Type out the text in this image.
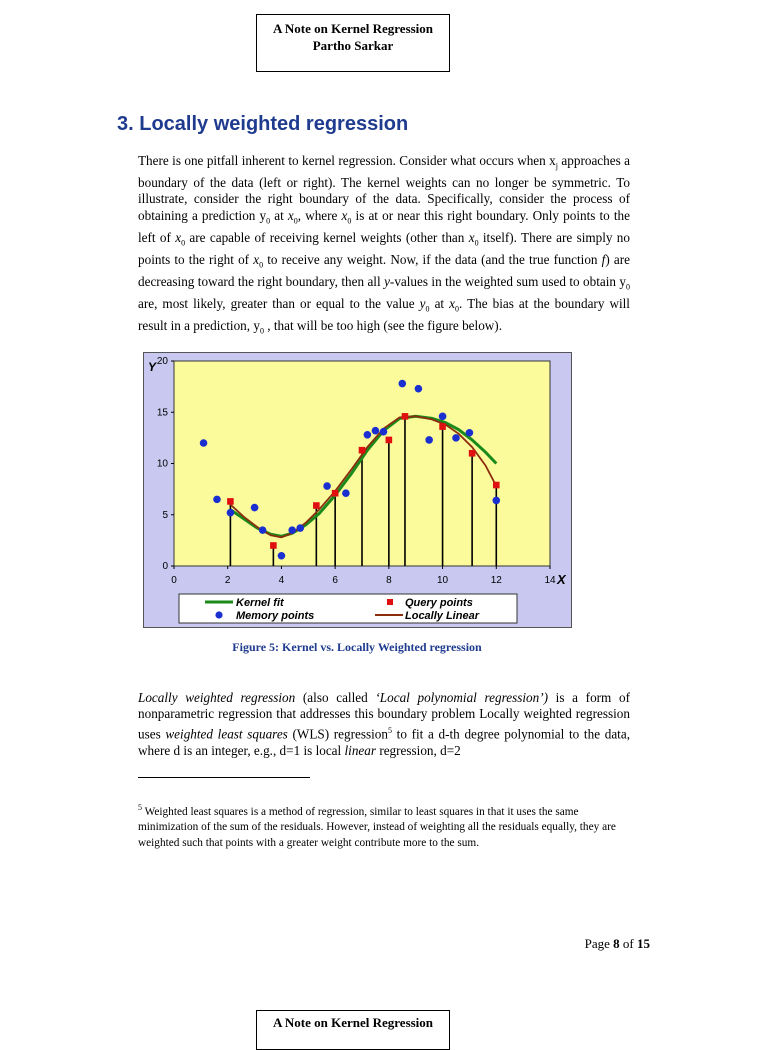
A Note on Kernel Regression
Partho Sarkar
3. Locally weighted regression

There is one pitfall inherent to kernel regression. Consider what occurs when $x_j$ approaches a boundary of the data (left or right). The kernel weights can no longer be symmetric. To illustrate, consider the right boundary of the data. Specifically, consider the process of obtaining a prediction $y_0$ at $x_0$, where $x_0$ is at or near this right boundary. Only points to the left of $x_0$ are capable of receiving kernel weights (other than $x_0$ itself). There are simply no points to the right of $x_0$ to receive any weight. Now, if the data (and the true function f) are decreasing toward the right boundary, then all y-values in the weighted sum used to obtain $y_0$ are, most likely, greater than or equal to the value $y_0$ at $x_0$. The bias at the boundary will result in a prediction, $y_0$ , that will be too high (see the figure below).

0	2	4	6	8	10	12	14
0
5
10
15
20
Y
X
Kernel fit
Memory points
Query points
Locally Linear
Figure 5: Kernel vs. Locally Weighted regression

Locally weighted regression (also called ‘Local polynomial regression’) is a form of nonparametric regression that addresses this boundary problem Locally weighted regression uses weighted least squares (WLS) regression$^5$ to fit a d-th degree polynomial to the data, where d is an integer, e.g., d=1 is local linear regression, d=2

$^5$ Weighted least squares is a method of regression, similar to least squares in that it uses the same minimization of the sum of the residuals. However, instead of weighting all the residuals equally, they are weighted such that points with a greater weight contribute more to the sum.

Page 8 of 15
A Note on Kernel Regression
